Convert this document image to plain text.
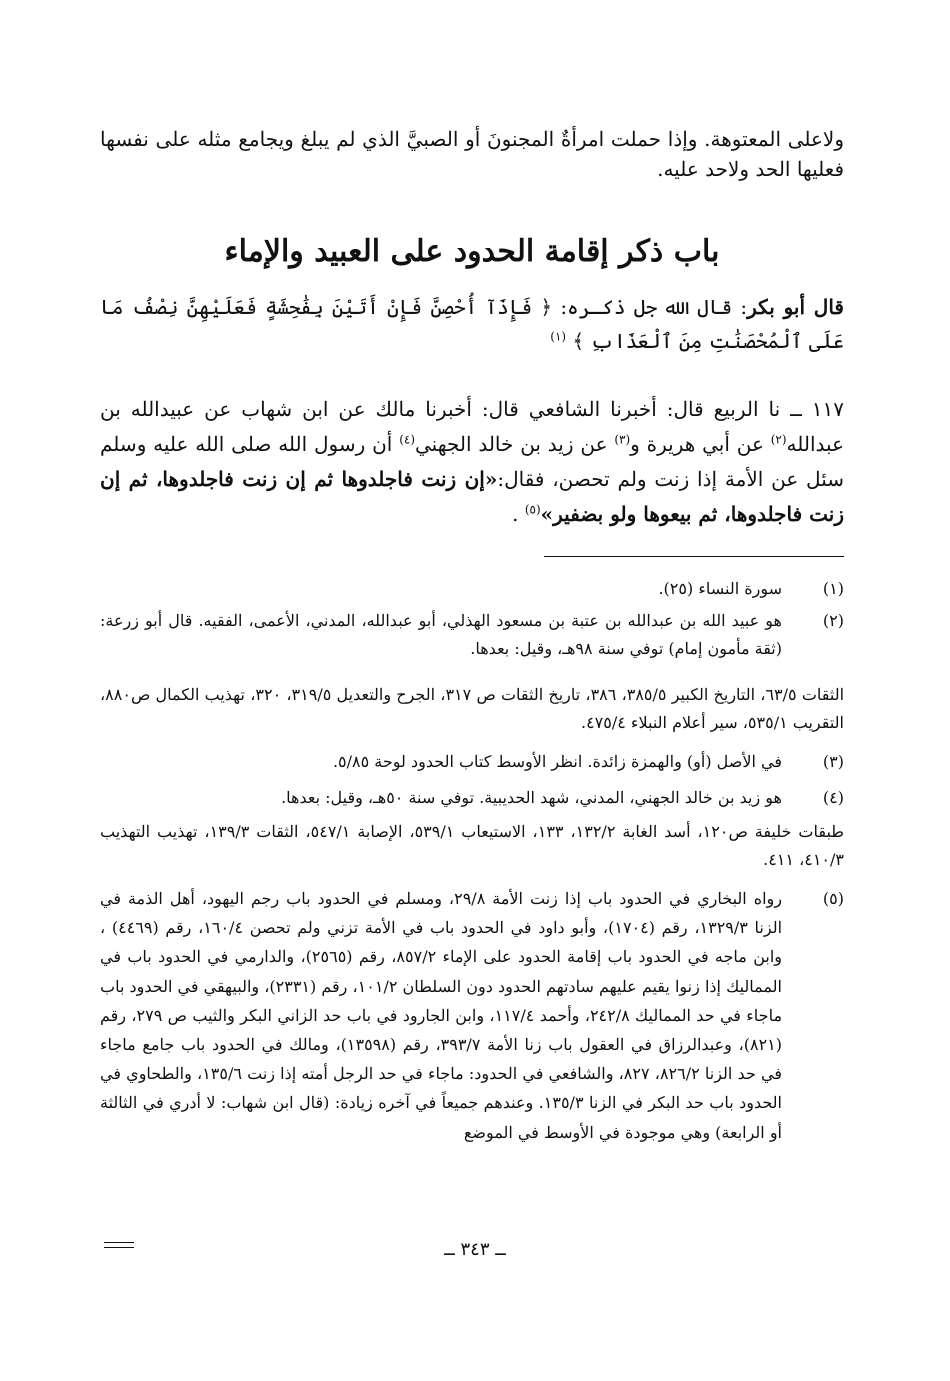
ولاعلى المعتوهة. وإذا حملت امرأةٌ المجنونَ أو الصبيَّ الذي لم يبلغ ويجامع مثله على نفسها فعليها الحد ولاحد عليه.
باب ذكر إقامة الحدود على العبيد والإماء
قال أبو بكر: قال الله جل ذكـره: ﴿ فَإِذَآ أُحْصِنَّ فَإِنْ أَتَيْنَ بِفَٰحِشَةٍ فَعَلَيْهِنَّ نِصْفُ مَا عَلَى ٱلْمُحْصَنَٰتِ مِنَ ٱلْعَذَابِ ﴾ $^{(١)}$
١١٧ ــ نا الربيع قال: أخبرنا الشافعي قال: أخبرنا مالك عن ابن شهاب عن عبيدالله بن عبدالله$^{(٢)}$ عن أبي هريرة و$^{(٣)}$ عن زيد بن خالد الجهني$^{(٤)}$ أن رسول الله صلى الله عليه وسلم سئل عن الأمة إذا زنت ولم تحصن، فقال:«إن زنت فاجلدوها ثم إن زنت فاجلدوها، ثم إن زنت فاجلدوها، ثم بيعوها ولو بضفير»$^{(٥)}$ .
(١)
سورة النساء (٢٥).
(٢)
هو عبيد الله بن عبدالله بن عتبة بن مسعود الهذلي، أبو عبدالله، المدني، الأعمى، الفقيه. قال أبو زرعة: (ثقة مأمون إمام) توفي سنة ٩٨هـ، وقيل: بعدها.
الثقات ٦٣/٥، التاريخ الكبير ٣٨٥/٥، ٣٨٦، تاريخ الثقات ص ٣١٧، الجرح والتعديل ٣١٩/٥، ٣٢٠، تهذيب الكمال ص٨٨٠، التقريب ٥٣٥/١، سير أعلام النبلاء ٤٧٥/٤.
(٣)
في الأصل (أو) والهمزة زائدة. انظر الأوسط كتاب الحدود لوحة ٥/٨٥.
(٤)
هو زيد بن خالد الجهني، المدني، شهد الحديبية. توفي سنة ٥٠هـ، وقيل: بعدها.
طبقات خليفة ص١٢٠، أسد الغابة ١٣٢/٢، ١٣٣، الاستيعاب ٥٣٩/١، الإصابة ٥٤٧/١، الثقات ١٣٩/٣، تهذيب التهذيب ٤١٠/٣، ٤١١.
(٥)
رواه البخاري في الحدود باب إذا زنت الأمة ٢٩/٨، ومسلم في الحدود باب رجم اليهود، أهل الذمة في الزنا ١٣٢٩/٣، رقم (١٧٠٤)، وأبو داود في الحدود باب في الأمة تزني ولم تحصن ١٦٠/٤، رقم (٤٤٦٩) ، وابن ماجه في الحدود باب إقامة الحدود على الإماء ٨٥٧/٢، رقم (٢٥٦٥)، والدارمي في الحدود باب في المماليك إذا زنوا يقيم عليهم سادتهم الحدود دون السلطان ١٠١/٢، رقم (٢٣٣١)، والبيهقي في الحدود باب ماجاء في حد المماليك ٢٤٢/٨، وأحمد ١١٧/٤، وابن الجارود في باب حد الزاني البكر والثيب ص ٢٧٩، رقم (٨٢١)، وعبدالرزاق في العقول باب زنا الأمة ٣٩٣/٧، رقم (١٣٥٩٨)، ومالك في الحدود باب جامع ماجاء في حد الزنا ٨٢٦/٢، ٨٢٧، والشافعي في الحدود: ماجاء في حد الرجل أمته إذا زنت ١٣٥/٦، والطحاوي في الحدود باب حد البكر في الزنا ١٣٥/٣. وعندهم جميعاً في آخره زيادة: (قال ابن شهاب: لا أدري في الثالثة أو الرابعة) وهي موجودة في الأوسط في الموضع
ــ ٣٤٣ ــ
